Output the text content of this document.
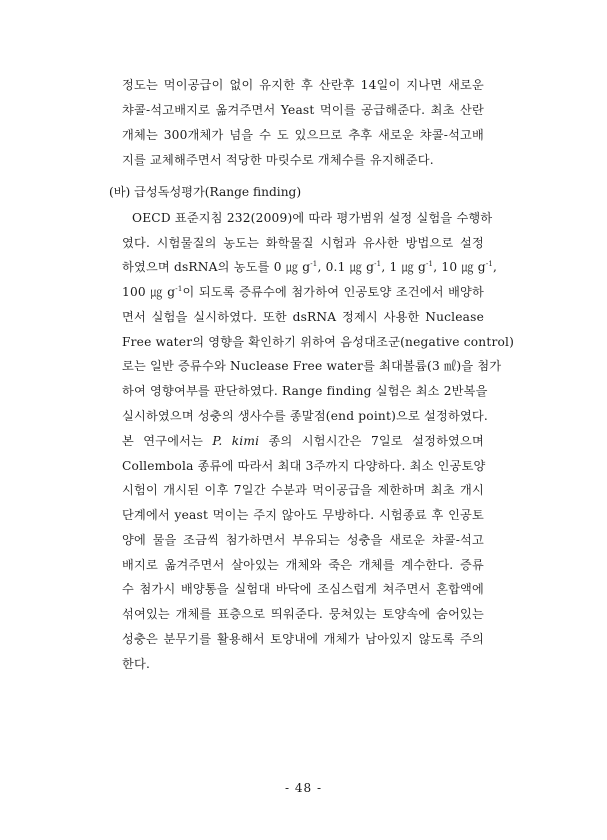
정도는 먹이공급이 없이 유지한 후 산란후 14일이 지나면 새로운
챠콜-석고배지로 옮겨주면서 Yeast 먹이를 공급해준다. 최초 산란
개체는 300개체가 넘을 수 도 있으므로 추후 새로운 챠콜-석고배
지를 교체해주면서 적당한 마릿수로 개체수를 유지해준다.
(바) 급성독성평가(Range finding)
OECD 표준지침 232(2009)에 따라 평가범위 설정 실험을 수행하
였다. 시험물질의 농도는 화학물질 시험과 유사한 방법으로 설정
하였으며 dsRNA의 농도를 0 ㎍ $g^{-1}$, 0.1 ㎍ $g^{-1}$, 1 ㎍ $g^{-1}$, 10 ㎍ $g^{-1}$,
100 ㎍ $g^{-1}$이 되도록 증류수에 첨가하여 인공토양 조건에서 배양하
면서 실험을 실시하였다. 또한 dsRNA 정제시 사용한 Nuclease
Free water의 영향을 확인하기 위하여 음성대조군(negative control)
로는 일반 증류수와 Nuclease Free water를 최대볼륨(3 ㎖)을 첨가
하여 영향여부를 판단하였다. Range finding 실험은 최소 2반복을
실시하였으며 성충의 생사수를 종말점(end point)으로 설정하였다.
본 연구에서는 P. kimi 종의 시험시간은 7일로 설정하였으며
Collembola 종류에 따라서 최대 3주까지 다양하다. 최소 인공토양
시험이 개시된 이후 7일간 수분과 먹이공급을 제한하며 최초 개시
단계에서 yeast 먹이는 주지 않아도 무방하다. 시험종료 후 인공토
양에 물을 조금씩 첨가하면서 부유되는 성충을 새로운 챠콜-석고
배지로 옮겨주면서 살아있는 개체와 죽은 개체를 계수한다. 증류
수 첨가시 배양통을 실험대 바닥에 조심스럽게 쳐주면서 혼합액에
섞여있는 개체를 표층으로 띄워준다. 뭉쳐있는 토양속에 숨어있는
성충은 분무기를 활용해서 토양내에 개체가 남아있지 않도록 주의
한다.
- 48 -
